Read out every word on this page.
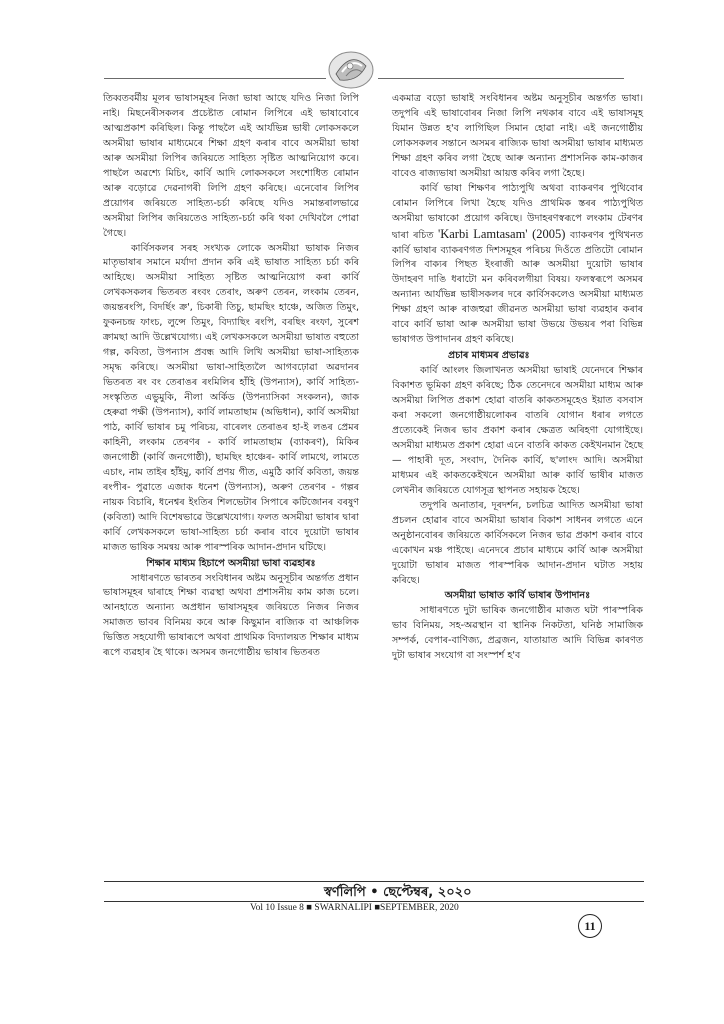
তিব্বতবৰ্মীয় মূলৰ ভাষাসমূহৰ নিজা ভাষা আছে যদিও নিজা লিপি নাই। মিছনেৰীসকলৰ প্ৰচেষ্টাত ৰোমান লিপিৰে এই ভাষাবোৰে আত্মপ্ৰকাশ কৰিছিল। কিন্তু পাছলৈ এই আৰ্যভিন্ন ভাষী লোকসকলে অসমীয়া ভাষাৰ মাধ্যমেৰে শিক্ষা গ্ৰহণ কৰাৰ বাবে অসমীয়া ভাষা আৰু অসমীয়া লিপিৰ জৰিয়তে সাহিত্য সৃষ্টিত আত্মনিয়োগ কৰে। পাছলৈ অৱশ্যে মিচিং, কাৰ্বি আদি লোকসকলে সংশোধিত ৰোমান আৰু বড়োৱে দেৱনাগৰী লিপি গ্ৰহণ কৰিছে। এনেবোৰ লিপিৰ প্ৰয়োগৰ জৰিয়তে সাহিত্য-চৰ্চা কৰিছে যদিও সমান্তৰালভাৱে অসমীয়া লিপিৰ জৰিয়তেও সাহিত্য-চৰ্চা কৰি থকা দেখিবলৈ পোৱা গৈছে।

কাৰ্বিসকলৰ সৰহ সংখ্যক লোকে অসমীয়া ভাষাক নিজৰ মাতৃভাষাৰ সমানে মৰ্যাদা প্ৰদান কৰি এই ভাষাত সাহিত্য চৰ্চা কৰি আহিছে। অসমীয়া সাহিত্য সৃষ্টিত আত্মনিয়োগ কৰা কাৰ্বি লেখকসকলৰ ভিতৰত ৰংবং তেৰাং, অৰুণ তেৰন, লংকাম তেৰন, জয়ন্তৰংপি, বিদৰ্ছিং ক্ৰ', চিকাৰী তিচু, ছামছিং হাঞ্চে, অজিত তিমুং, ফুকনচন্দ্ৰ ফাংচ, লুন্সে তিমুং, বিদ্যাছিং ৰংপি, বৰছিং ৰংফা, সুৰেশ ক্ৰামছা আদি উল্লেখযোগ্য। এই লেখকসকলে অসমীয়া ভাষাত বহুতো গল্প, কবিতা, উপন্যাস প্ৰবন্ধ আদি লিখি অসমীয়া ভাষা-সাহিত্যক সমৃদ্ধ কৰিছে। অসমীয়া ভাষা-সাহিত্যলৈ আগবঢ়োৱা অৱদানৰ ভিতৰত ৰং বং তেৰাঙৰ ৰংমিলিৰ হাঁহি (উপন্যাস), কাৰ্বি সাহিত্য-সংস্কৃতিত এভুমুকি, নীলা অৰ্কিড (উপন্যাসিকা সংকলন), জাক হেৰুৱা পক্ষী (উপন্যাস), কাৰ্বি লামতাছাম (অভিধান), কাৰ্বি অসমীয়া পাঠ, কাৰ্বি ভাষাৰ চমু পৰিচয়, বাৰেলং তেৰাঙৰ হা-ই লঙৰ প্ৰেমৰ কাহিনী, লংকাম তেৰণৰ - কাৰ্বি লামতাছাম (ব্যাকৰণ), মিকিৰ জনগোষ্ঠী (কাৰ্বি জনগোষ্ঠী), ছামছিং হাঞ্চেৰ- কাৰ্বি লামথে, লামতে এচাং, নাম তাইৰ হাঁইমু, কাৰ্বি প্ৰণয় গীত, এমুঠি কাৰ্বি কবিতা, জয়ন্ত ৰংপীৰ- পুৱাতে এজাক ধনেশ (উপন্যাস), অৰুণ তেৰণৰ - গল্পৰ নায়ক বিচাৰি, ধনেশ্বৰ ইংতিৰ শিলভেটাৰ সিপাৰে কটিজোনৰ বৰষুণ (কবিতা) আদি বিশেষভাৱে উল্লেখযোগ্য। ফলত অসমীয়া ভাষাৰ দ্বাৰা কাৰ্বি লেখকসকলে ভাষা-সাহিত্য চৰ্চা কৰাৰ বাবে দুয়োটা ভাষাৰ মাজত ভাষিক সমন্বয় আৰু পাৰস্পৰিক আদান-প্ৰদান ঘটিছে।

শিক্ষাৰ মাধ্যম হিচাপে অসমীয়া ভাষা ব্যৱহাৰঃ

সাধাৰণতে ভাৰতৰ সংবিধানৰ অষ্টম অনুসূচীৰ অন্তৰ্গত প্ৰধান ভাষাসমূহৰ দ্বাৰাহে শিক্ষা ব্যৱস্থা অথবা প্ৰশাসনীয় কাম কাজ চলে। আনহাতে অন্যান্য অপ্ৰধান ভাষাসমূহৰ জৰিয়তে নিজৰ নিজৰ সমাজত ভাবৰ বিনিময় কৰে আৰু কিছুমান ৰাজ্যিক বা আঞ্চলিক ভিত্তিত সহযোগী ভাষাৰূপে অথবা প্ৰাথমিক বিদ্যালয়ত শিক্ষাৰ মাধ্যম ৰূপে ব্যৱহাৰ হৈ থাকে। অসমৰ জনগোষ্ঠীয় ভাষাৰ ভিতৰত

একমাত্ৰ বড়ো ভাষাই সংবিধানৰ অষ্টম অনুসূচীৰ অন্তৰ্গত ভাষা। তদুপৰি এই ভাষাবোৰৰ নিজা লিপি নথকাৰ বাবে এই ভাষাসমূহ যিমান উন্নত হ'ব লাগিছিল সিমান হোৱা নাই। এই জনগোষ্ঠীয় লোকসকলৰ সন্তানে অসমৰ ৰাজ্যিক ভাষা অসমীয়া ভাষাৰ মাধ্যমত শিক্ষা গ্ৰহণ কৰিব লগা হৈছে আৰু অন্যান্য প্ৰশাসনিক কাম-কাজৰ বাবেও ৰাজ্যভাষা অসমীয়া আয়ত্ত কৰিব লগা হৈছে।

কাৰ্বি ভাষা শিক্ষণৰ পাঠ্যপুথি অথবা ব্যাকৰণৰ পুথিবোৰ ৰোমান লিপিৰে লিখা হৈছে যদিও প্ৰাথমিক স্তৰৰ পাঠ্যপুথিত অসমীয়া ভাষাকো প্ৰয়োগ কৰিছে। উদাহৰণস্বৰূপে লংকাম টেৰণৰ দ্বাৰা ৰচিত 'Karbi Lamtasam' (2005) ব্যাকৰণৰ পুথিখনত কাৰ্বি ভাষাৰ ব্যাকৰণগত দিশসমূহৰ পৰিচয় দিওঁতে প্ৰতিটো ৰোমান লিপিৰ বাক্যৰ পিছত ইংৰাজী আৰু অসমীয়া দুয়োটা ভাষাৰ উদাহৰণ দাঙি ধৰাটো মন কৰিবলগীয়া বিষয়। ফলস্বৰূপে অসমৰ অন্যান্য আৰ্যভিন্ন ভাষীসকলৰ দৰে কাৰ্বিসকলেও অসমীয়া মাধ্যমত শিক্ষা গ্ৰহণ আৰু ৰাজহুৱা জীৱনত অসমীয়া ভাষা ব্যৱহাৰ কৰাৰ বাবে কাৰ্বি ভাষা আৰু অসমীয়া ভাষা উভয়ে উভয়ৰ পৰা বিভিন্ন ভাষাগত উপাদানৰ গ্ৰহণ কৰিছে।

প্ৰচাৰ মাধ্যমৰ প্ৰভাৱঃ

কাৰ্বি আংলং জিলাখনত অসমীয়া ভাষাই যেনেদৰে শিক্ষাৰ বিকাশত ভূমিকা গ্ৰহণ কৰিছে; ঠিক তেনেদৰে অসমীয়া মাধ্যম আৰু অসমীয়া লিপিত প্ৰকাশ হোৱা বাতৰি কাকতসমূহেও ইয়াত বসবাস কৰা সকলো জনগোষ্ঠীয়লোকৰ বাতৰি যোগান ধৰাৰ লগতে প্ৰত্যেকেই নিজৰ ভাব প্ৰকাশ কৰাৰ ক্ষেত্ৰত অৰিহণা যোগাইছে। অসমীয়া মাধ্যমত প্ৰকাশ হোৱা এনে বাতৰি কাকত কেইখনমান হৈছে— পাহাৰী দূত, সংবাদ, দৈনিক কাৰ্বি, ছ'লাংদ আদি। অসমীয়া মাধ্যমৰ এই কাকতকেইখনে অসমীয়া আৰু কাৰ্বি ভাষীৰ মাজত লেখনীৰ জৰিয়তে যোগসূত্ৰ স্থাপনত সহায়ক হৈছে।

তদুপৰি অনাতাৰ, দূৰদৰ্শন, চলচিত্ৰ আদিত অসমীয়া ভাষা প্ৰচলন হোৱাৰ বাবে অসমীয়া ভাষাৰ বিকাশ সাধনৰ লগতে এনে অনুষ্ঠানবোৰৰ জৰিয়তে কাৰ্বিসকলে নিজৰ ভাৱ প্ৰকাশ কৰাৰ বাবে একোখন মঞ্চ পাইছে। এনেদৰে প্ৰচাৰ মাধ্যমে কাৰ্বি আৰু অসমীয়া দুয়োটা ভাষাৰ মাজত পাৰস্পৰিক আদান-প্ৰদান ঘটাত সহায় কৰিছে।

অসমীয়া ভাষাত কাৰ্বি ভাষাৰ উপাদানঃ

সাধাৰণতে দুটা ভাষিক জনগোষ্ঠীৰ মাজত ঘটা পাৰস্পৰিক ভাব বিনিময়, সহ-অৱস্থান বা স্থানিক নিকটতা, ঘনিষ্ঠ সামাজিক সম্পৰ্ক, বেপাৰ-বাণিজ্য, প্ৰব্ৰজন, যাতায়াত আদি বিভিন্ন কাৰণত দুটা ভাষাৰ সংযোগ বা সংস্পৰ্শ হ'ব

স্বৰ্ণলিপি • ছেপ্টেম্বৰ, ২০২০
Vol 10 Issue 8 ■ SWARNALIPI ■SEPTEMBER, 2020
11
